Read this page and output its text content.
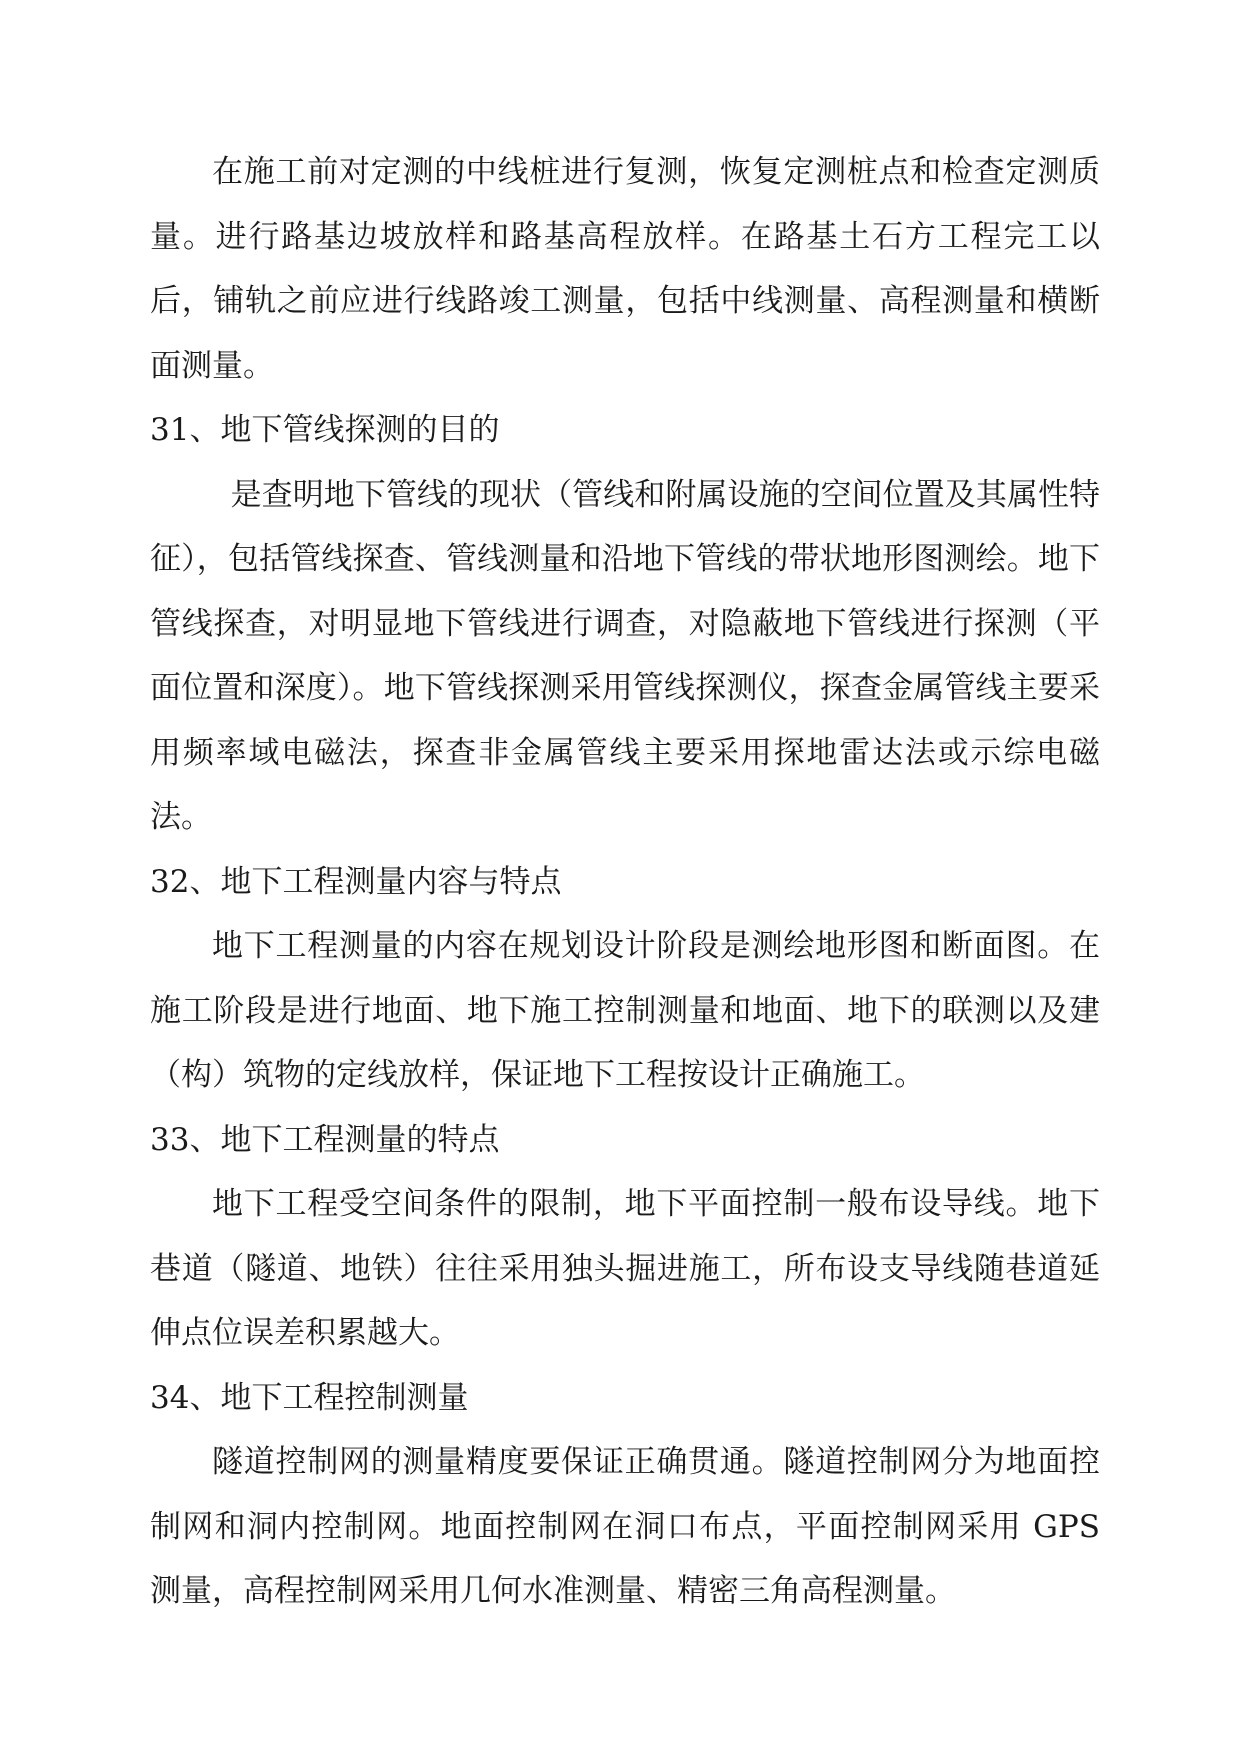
在施工前对定测的中线桩进行复测，恢复定测桩点和检查定测质量。进行路基边坡放样和路基高程放样。在路基土石方工程完工以后，铺轨之前应进行线路竣工测量，包括中线测量、高程测量和横断面测量。

31、地下管线探测的目的

是查明地下管线的现状（管线和附属设施的空间位置及其属性特征），包括管线探查、管线测量和沿地下管线的带状地形图测绘。地下管线探查，对明显地下管线进行调查，对隐蔽地下管线进行探测（平面位置和深度）。地下管线探测采用管线探测仪，探查金属管线主要采用频率域电磁法，探查非金属管线主要采用探地雷达法或示综电磁法。

32、地下工程测量内容与特点

地下工程测量的内容在规划设计阶段是测绘地形图和断面图。在施工阶段是进行地面、地下施工控制测量和地面、地下的联测以及建（构）筑物的定线放样，保证地下工程按设计正确施工。

33、地下工程测量的特点

地下工程受空间条件的限制，地下平面控制一般布设导线。地下巷道（隧道、地铁）往往采用独头掘进施工，所布设支导线随巷道延伸点位误差积累越大。

34、地下工程控制测量

隧道控制网的测量精度要保证正确贯通。隧道控制网分为地面控制网和洞内控制网。地面控制网在洞口布点，平面控制网采用 GPS 测量，高程控制网采用几何水准测量、精密三角高程测量。
